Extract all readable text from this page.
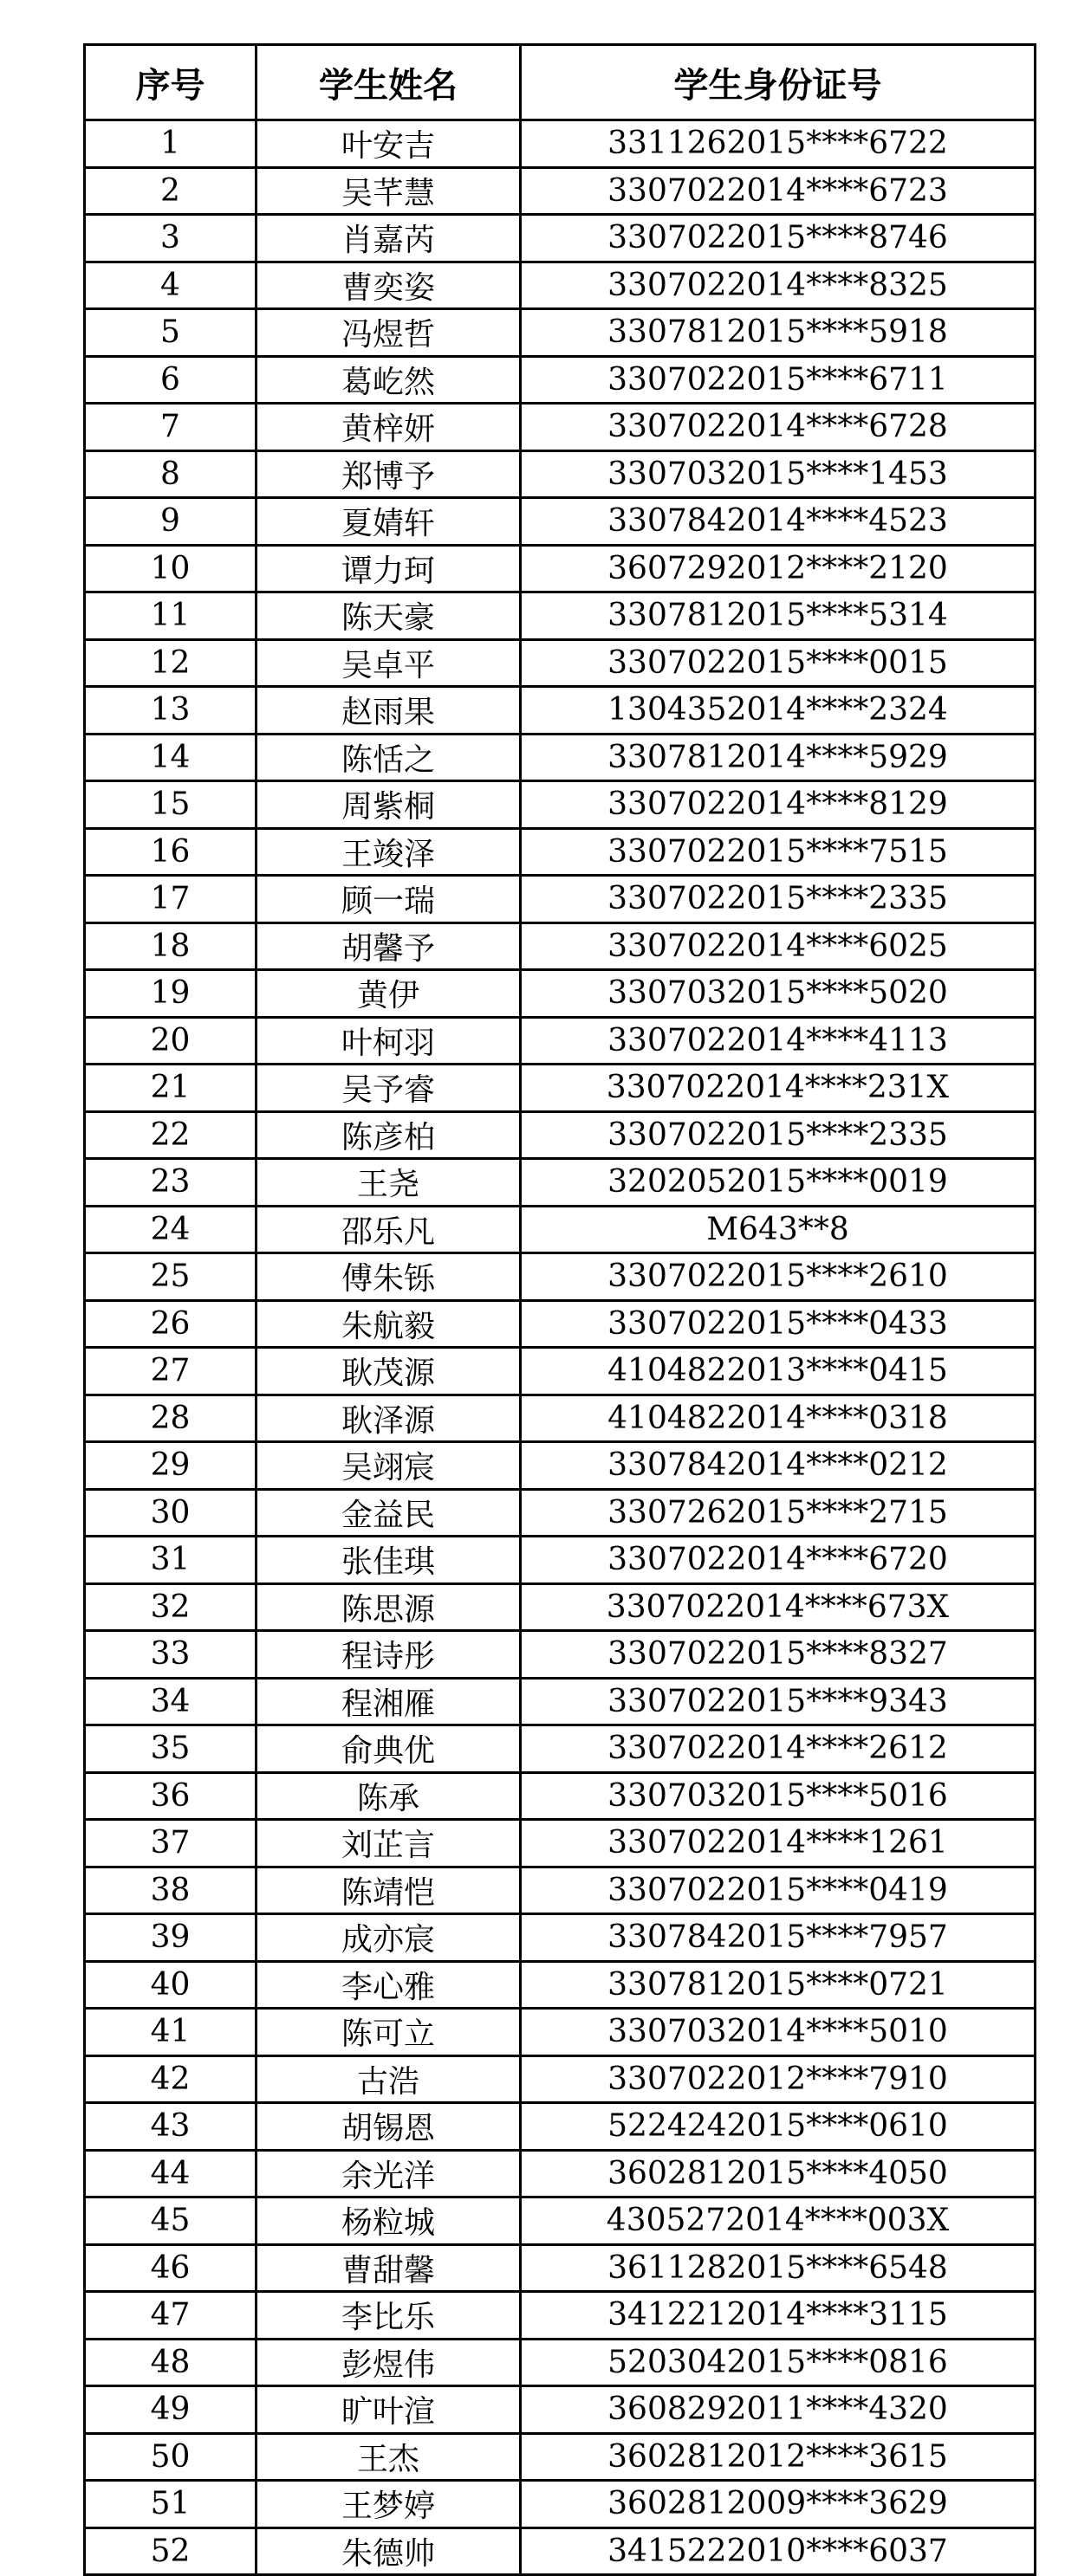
序号	学生姓名	学生身份证号
1	叶安吉	3311262015****6722
2	吴芊慧	3307022014****6723
3	肖嘉芮	3307022015****8746
4	曹奕姿	3307022014****8325
5	冯煜哲	3307812015****5918
6	葛屹然	3307022015****6711
7	黄梓妍	3307022014****6728
8	郑博予	3307032015****1453
9	夏婧轩	3307842014****4523
10	谭力珂	3607292012****2120
11	陈天豪	3307812015****5314
12	吴卓平	3307022015****0015
13	赵雨果	1304352014****2324
14	陈恬之	3307812014****5929
15	周紫桐	3307022014****8129
16	王竣泽	3307022015****7515
17	顾一瑞	3307022015****2335
18	胡馨予	3307022014****6025
19	黄伊	3307032015****5020
20	叶柯羽	3307022014****4113
21	吴予睿	3307022014****231X
22	陈彦柏	3307022015****2335
23	王尧	3202052015****0019
24	邵乐凡	M643**8
25	傅朱铄	3307022015****2610
26	朱航毅	3307022015****0433
27	耿茂源	4104822013****0415
28	耿泽源	4104822014****0318
29	吴翊宸	3307842014****0212
30	金益民	3307262015****2715
31	张佳琪	3307022014****6720
32	陈思源	3307022014****673X
33	程诗彤	3307022015****8327
34	程湘雁	3307022015****9343
35	俞典优	3307022014****2612
36	陈承	3307032015****5016
37	刘芷言	3307022014****1261
38	陈靖恺	3307022015****0419
39	成亦宸	3307842015****7957
40	李心雅	3307812015****0721
41	陈可立	3307032014****5010
42	古浩	3307022012****7910
43	胡锡恩	5224242015****0610
44	余光洋	3602812015****4050
45	杨粒城	4305272014****003X
46	曹甜馨	3611282015****6548
47	李比乐	3412212014****3115
48	彭煜伟	5203042015****0816
49	旷叶渲	3608292011****4320
50	王杰	3602812012****3615
51	王梦婷	3602812009****3629
52	朱德帅	3415222010****6037
